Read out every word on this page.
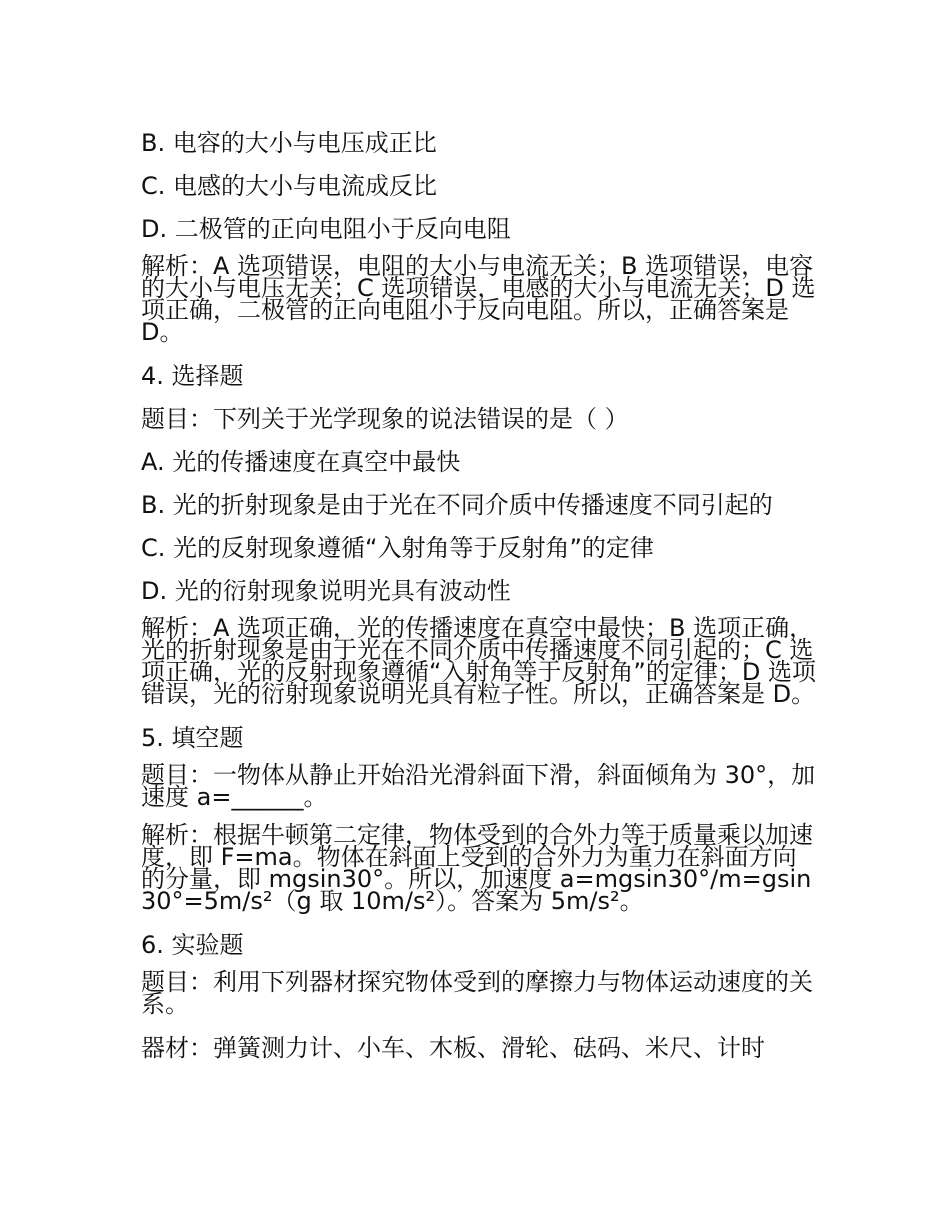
B. 电容的大小与电压成正比

C. 电感的大小与电流成反比

D. 二极管的正向电阻小于反向电阻

解析：A 选项错误，电阻的大小与电流无关；B 选项错误，电容的大小与电压无关；C 选项错误，电感的大小与电流无关；D 选项正确，二极管的正向电阻小于反向电阻。所以，正确答案是 D。

4. 选择题

题目：下列关于光学现象的说法错误的是（ ）

A. 光的传播速度在真空中最快

B. 光的折射现象是由于光在不同介质中传播速度不同引起的

C. 光的反射现象遵循“入射角等于反射角”的定律

D. 光的衍射现象说明光具有波动性

解析：A 选项正确，光的传播速度在真空中最快；B 选项正确，光的折射现象是由于光在不同介质中传播速度不同引起的；C 选项正确，光的反射现象遵循“入射角等于反射角”的定律；D 选项错误，光的衍射现象说明光具有粒子性。所以，正确答案是 D。

5. 填空题

题目：一物体从静止开始沿光滑斜面下滑，斜面倾角为 30°，加速度 a=______。

解析：根据牛顿第二定律，物体受到的合外力等于质量乘以加速度，即 F=ma。物体在斜面上受到的合外力为重力在斜面方向的分量，即 mgsin30°。所以，加速度 a=mgsin30°/m=gsin30°=5m/s²（g 取 10m/s²）。答案为 5m/s²。

6. 实验题

题目：利用下列器材探究物体受到的摩擦力与物体运动速度的关系。

器材：弹簧测力计、小车、木板、滑轮、砝码、米尺、计时
